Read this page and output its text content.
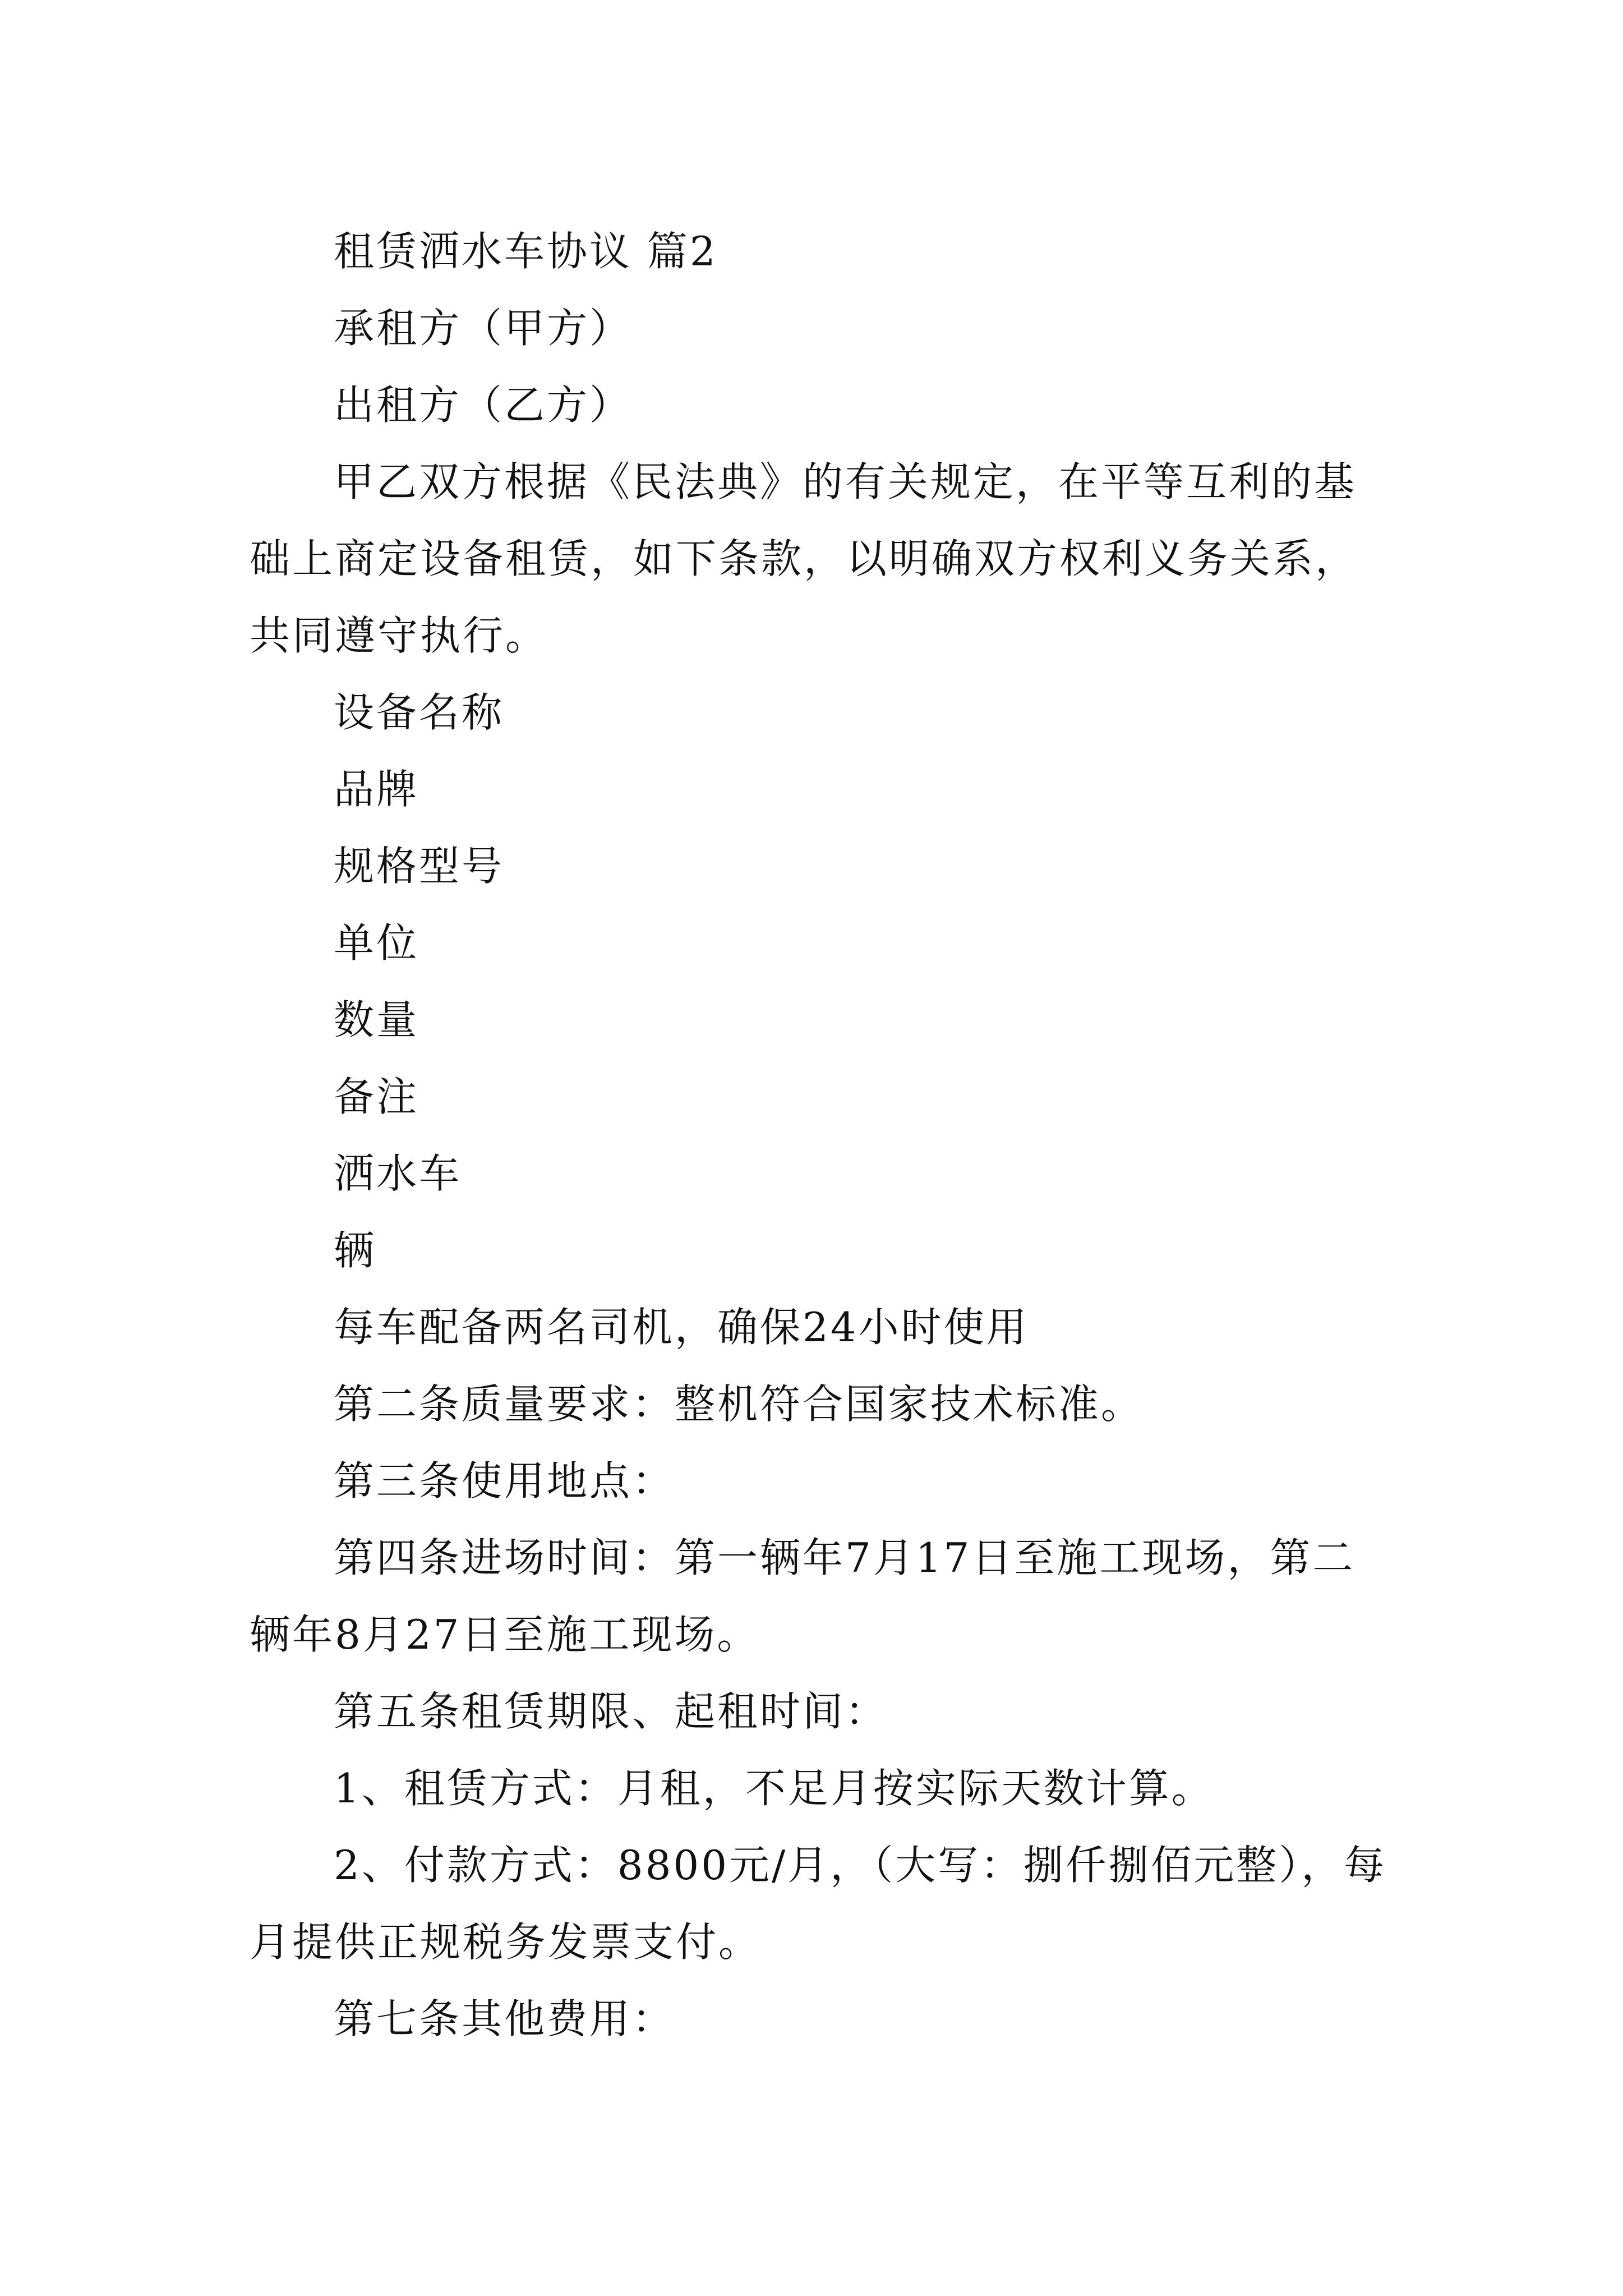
租赁洒水车协议 篇2

承租方（甲方）

出租方（乙方）

甲乙双方根据《民法典》的有关规定，在平等互利的基础上商定设备租赁，如下条款，以明确双方权利义务关系，共同遵守执行。

设备名称

品牌

规格型号

单位

数量

备注

洒水车

辆

每车配备两名司机，确保24小时使用

第二条质量要求：整机符合国家技术标准。

第三条使用地点：

第四条进场时间：第一辆年7月17日至施工现场，第二辆年8月27日至施工现场。

第五条租赁期限、起租时间：

1、租赁方式：月租，不足月按实际天数计算。

2、付款方式：8800元/月，（大写：捌仟捌佰元整），每月提供正规税务发票支付。

第七条其他费用：
